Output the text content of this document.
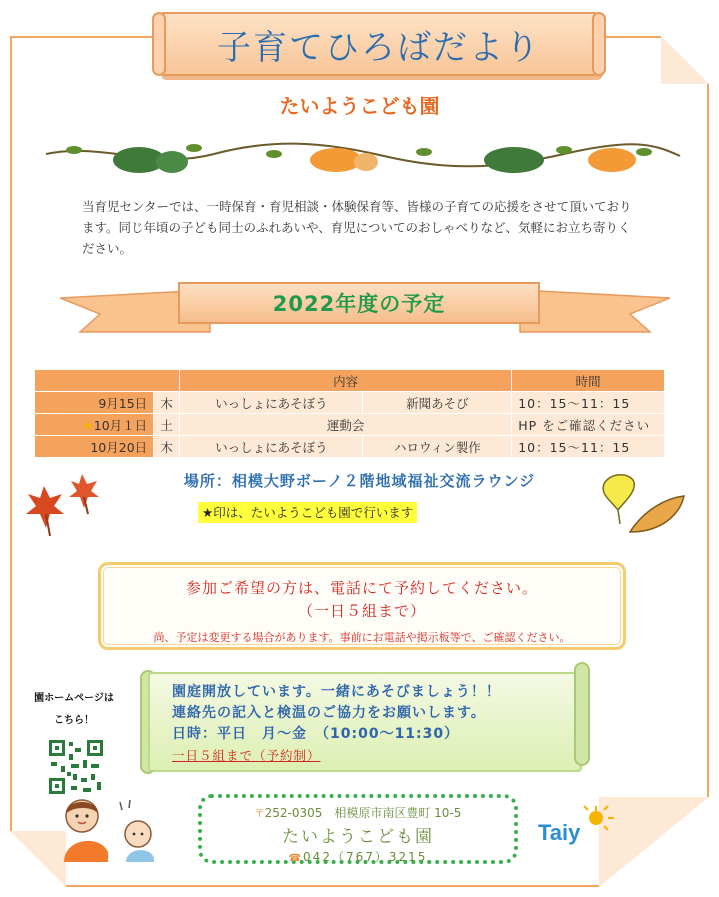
子育てひろばだより
たいようこども園
当育児センターでは、一時保育・育児相談・体験保育等、皆様の子育ての応援をさせて頂いております。同じ年頃の子ども同士のふれあいや、育児についてのおしゃべりなど、気軽にお立ち寄りください。
2022年度の予定
		内容		時間
9月15日	木	いっしょにあそぼう	新聞あそび	10：15～11：15
★10月１日	土	運動会		HP をご確認ください
10月20日	木	いっしょにあそぼう	ハロウィン製作	10：15～11：15
場所：相模大野ボーノ２階地域福祉交流ラウンジ
★印は、たいようこども園で行います
参加ご希望の方は、電話にて予約してください。
（一日５組まで）
尚、予定は変更する場合があります。事前にお電話や掲示板等で、ご確認ください。
園ホームページは
こちら！

園庭開放しています。一緒にあそびましょう！！

連絡先の記入と検温のご協力をお願いします。

日時：平日　月～金　（10:00～11:30）

一日５組まで（予約制）

〒252-0305　相模原市南区豊町 10-5
たいようこども園
☎042（767）3215
Taiy
